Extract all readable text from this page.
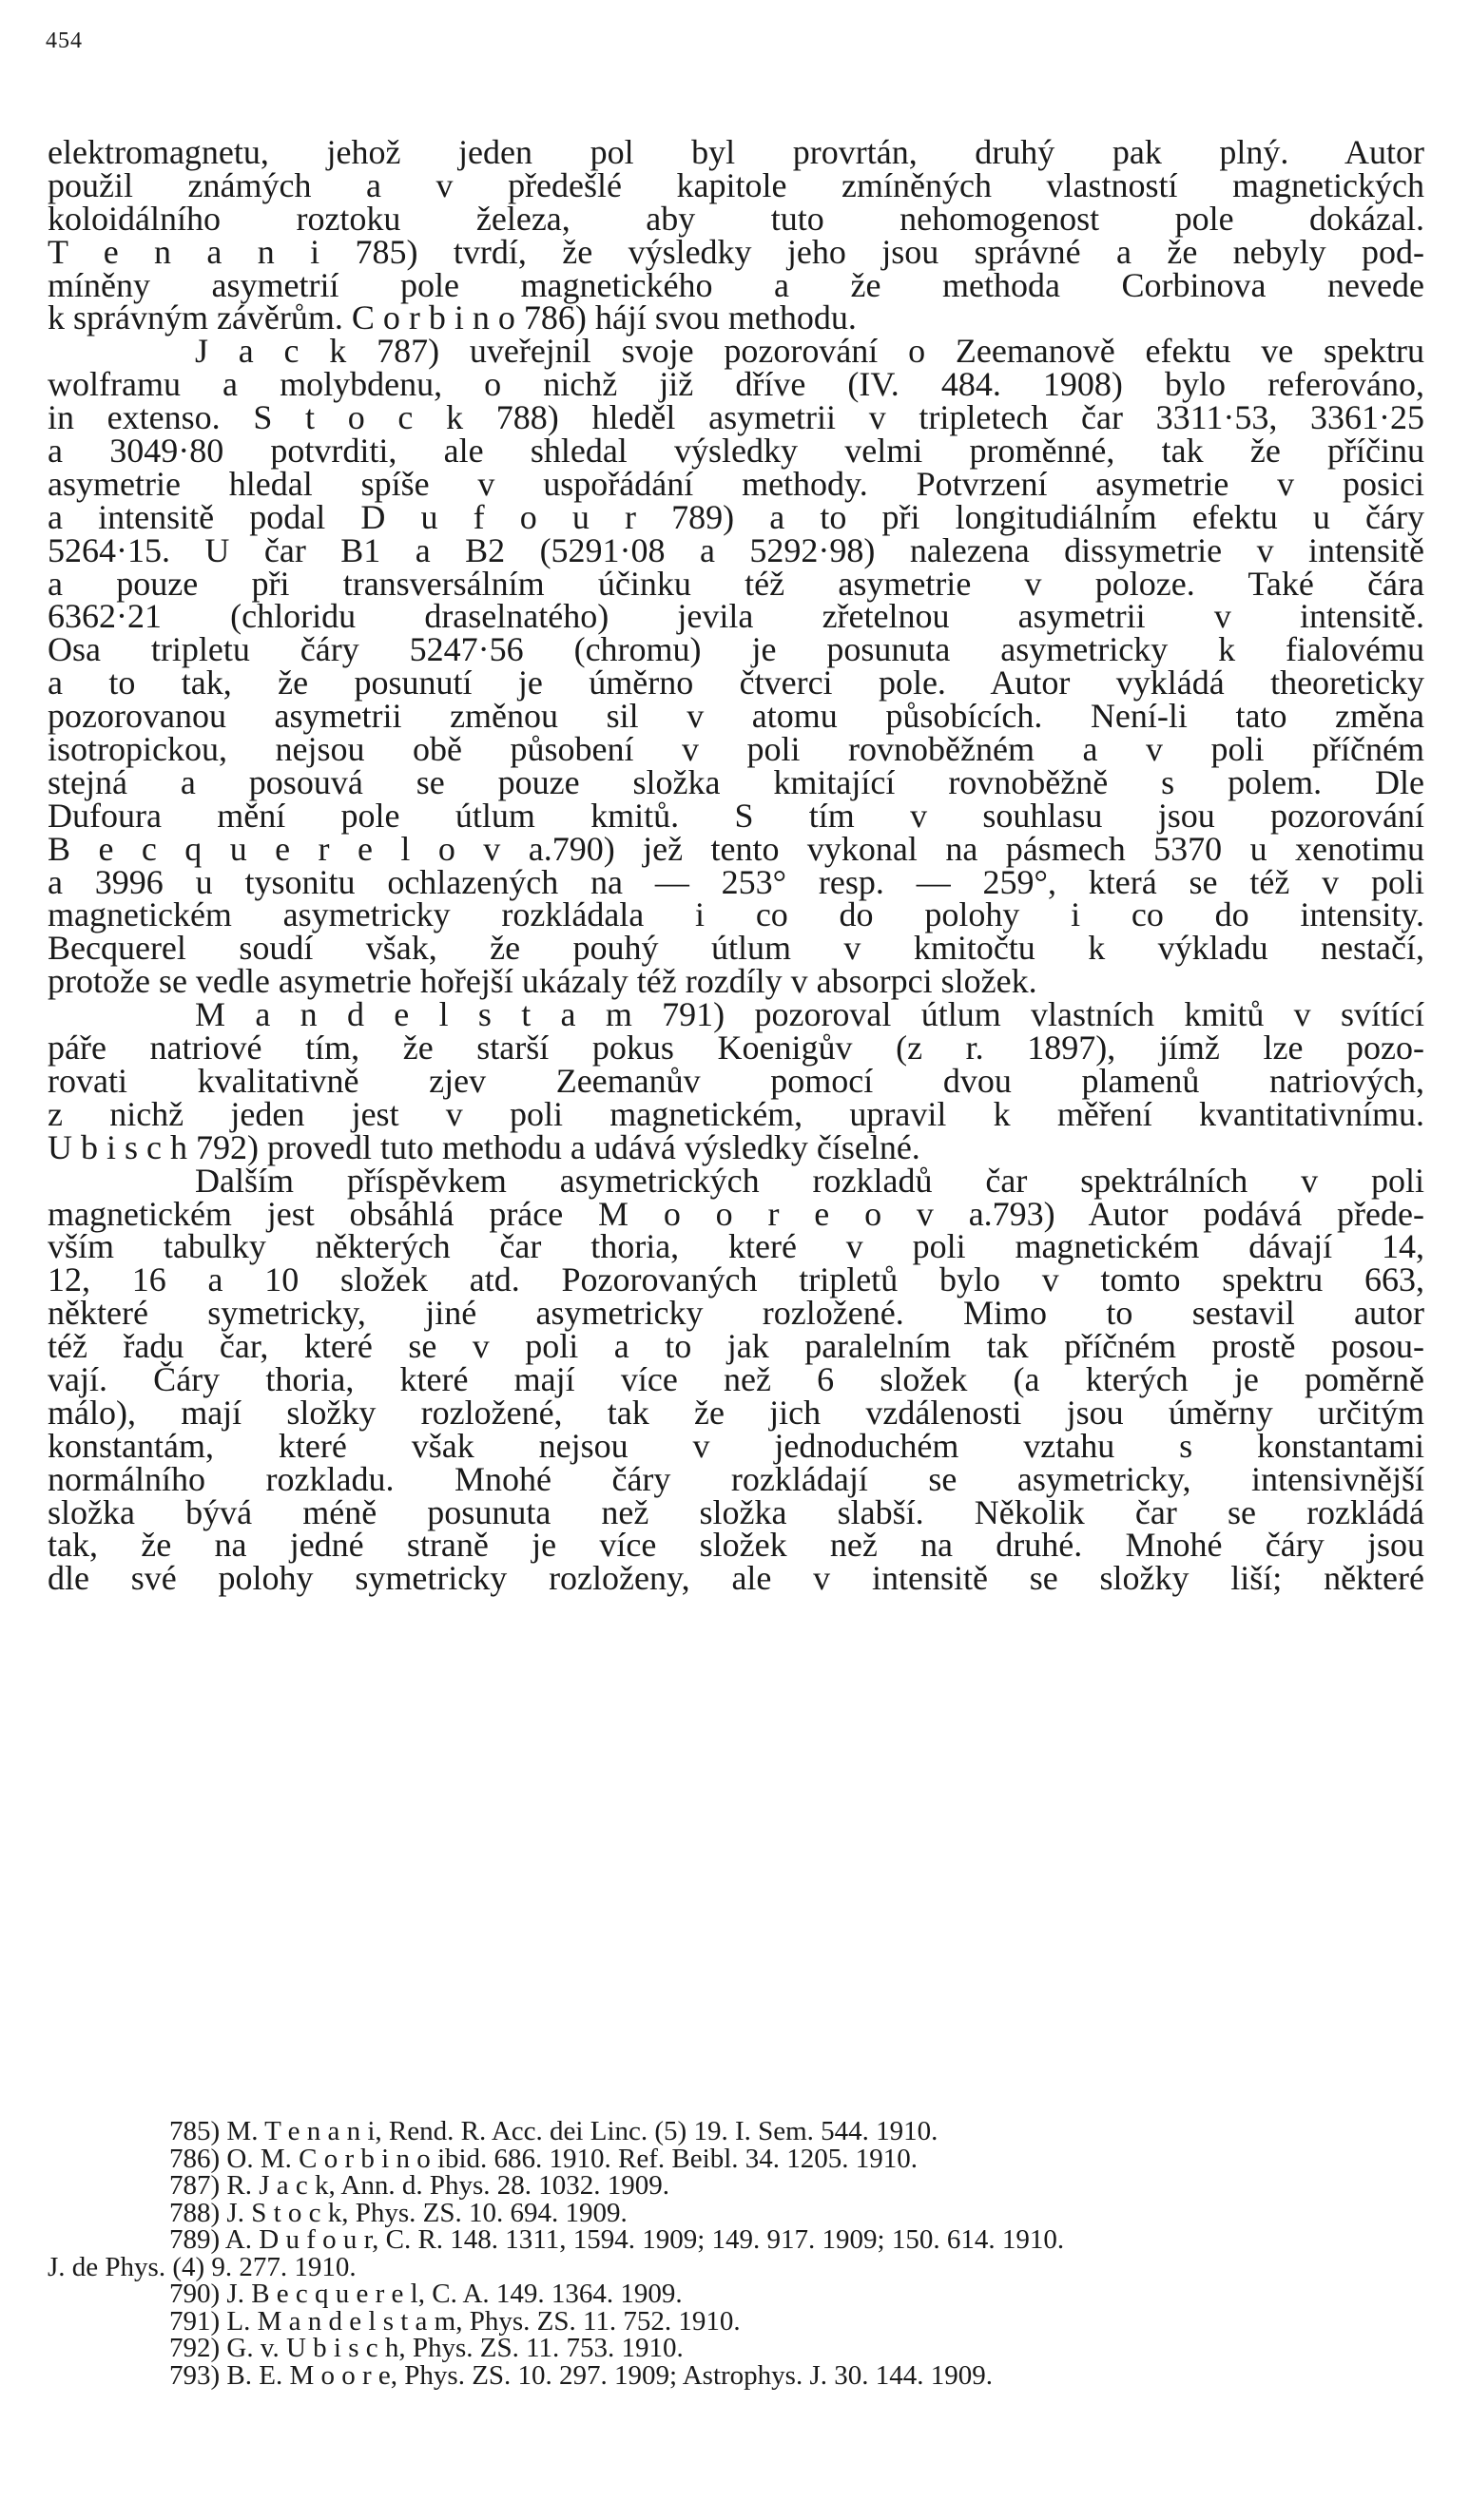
454
elektromagnetu, jehož jeden pol byl provrtán, druhý pak plný. Autor
použil známých a v předešlé kapitole zmíněných vlastností magnetických
koloidálního roztoku železa, aby tuto nehomogenost pole dokázal.
T e n a n i 785) tvrdí, že výsledky jeho jsou správné a že nebyly pod-
míněny asymetrií pole magnetického a že methoda Corbinova nevede
k správným závěrům. C o r b i n o 786) hájí svou methodu.
J a c k 787) uveřejnil svoje pozorování o Zeemanově efektu ve spektru
wolframu a molybdenu, o nichž již dříve (IV. 484. 1908) bylo referováno,
in extenso. S t o c k 788) hleděl asymetrii v tripletech čar 3311·53, 3361·25
a 3049·80 potvrditi, ale shledal výsledky velmi proměnné, tak že příčinu
asymetrie hledal spíše v uspořádání methody. Potvrzení asymetrie v posici
a intensitě podal D u f o u r 789) a to při longitudiálním efektu u čáry
5264·15. U čar B1 a B2 (5291·08 a 5292·98) nalezena dissymetrie v intensitě
a pouze při transversálním účinku též asymetrie v poloze. Také čára
6362·21 (chloridu draselnatého) jevila zřetelnou asymetrii v intensitě.
Osa tripletu čáry 5247·56 (chromu) je posunuta asymetricky k fialovému
a to tak, že posunutí je úměrno čtverci pole. Autor vykládá theoreticky
pozorovanou asymetrii změnou sil v atomu působících. Není-li tato změna
isotropickou, nejsou obě působení v poli rovnoběžném a v poli příčném
stejná a posouvá se pouze složka kmitající rovnoběžně s polem. Dle
Dufoura mění pole útlum kmitů. S tím v souhlasu jsou pozorování
B e c q u e r e l o v a.790) jež tento vykonal na pásmech 5370 u xenotimu
a 3996 u tysonitu ochlazených na — 253° resp. — 259°, která se též v poli
magnetickém asymetricky rozkládala i co do polohy i co do intensity.
Becquerel soudí však, že pouhý útlum v kmitočtu k výkladu nestačí,
protože se vedle asymetrie hořejší ukázaly též rozdíly v absorpci složek.
M a n d e l s t a m 791) pozoroval útlum vlastních kmitů v svítící
páře natriové tím, že starší pokus Koenigův (z r. 1897), jímž lze pozo-
rovati kvalitativně zjev Zeemanův pomocí dvou plamenů natriových,
z nichž jeden jest v poli magnetickém, upravil k měření kvantitativnímu.
U b i s c h 792) provedl tuto methodu a udává výsledky číselné.
Dalším příspěvkem asymetrických rozkladů čar spektrálních v poli
magnetickém jest obsáhlá práce M o o r e o v a.793) Autor podává přede-
vším tabulky některých čar thoria, které v poli magnetickém dávají 14,
12, 16 a 10 složek atd. Pozorovaných tripletů bylo v tomto spektru 663,
některé symetricky, jiné asymetricky rozložené. Mimo to sestavil autor
též řadu čar, které se v poli a to jak paralelním tak příčném prostě posou-
vají. Čáry thoria, které mají více než 6 složek (a kterých je poměrně
málo), mají složky rozložené, tak že jich vzdálenosti jsou úměrny určitým
konstantám, které však nejsou v jednoduchém vztahu s konstantami
normálního rozkladu. Mnohé čáry rozkládají se asymetricky, intensivnější
složka bývá méně posunuta než složka slabší. Několik čar se rozkládá
tak, že na jedné straně je více složek než na druhé. Mnohé čáry jsou
dle své polohy symetricky rozloženy, ale v intensitě se složky liší; některé
785) M. T e n a n i, Rend. R. Acc. dei Linc. (5) 19. I. Sem. 544. 1910.
786) O. M. C o r b i n o ibid. 686. 1910. Ref. Beibl. 34. 1205. 1910.
787) R. J a c k, Ann. d. Phys. 28. 1032. 1909.
788) J. S t o c k, Phys. ZS. 10. 694. 1909.
789) A. D u f o u r, C. R. 148. 1311, 1594. 1909; 149. 917. 1909; 150. 614. 1910.
J. de Phys. (4) 9. 277. 1910.
790) J. B e c q u e r e l, C. A. 149. 1364. 1909.
791) L. M a n d e l s t a m, Phys. ZS. 11. 752. 1910.
792) G. v. U b i s c h, Phys. ZS. 11. 753. 1910.
793) B. E. M o o r e, Phys. ZS. 10. 297. 1909; Astrophys. J. 30. 144. 1909.
